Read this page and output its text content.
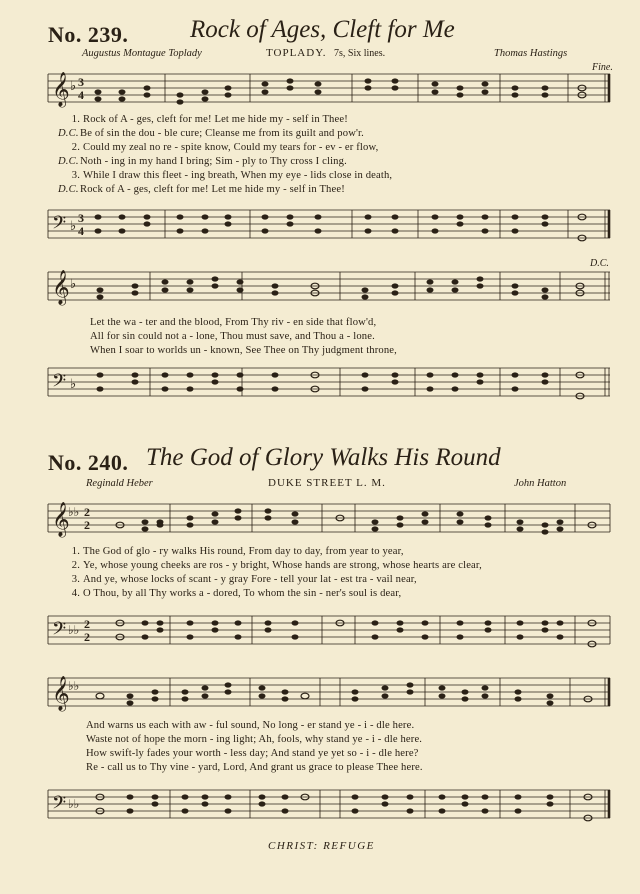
No. 239. Rock of Ages, Cleft for Me
Augustus Montague Toplady	TOPLADY. 7s, Six lines.	Thomas Hastings
Fine.
𝄞 ♭ 3
4
1. Rock of A - ges, cleft for me! Let me hide my - self in Thee!
D.C.Be of sin the dou - ble cure; Cleanse me from its guilt and pow'r.
2. Could my zeal no re - spite know, Could my tears for - ev - er flow,
D.C.Noth - ing in my hand I bring; Sim - ply to Thy cross I cling.
3. While I draw this fleet - ing breath, When my eye - lids close in death,
D.C.Rock of A - ges, cleft for me! Let me hide my - self in Thee!
𝄢 ♭ 3
4
D.C.
𝄞 ♭
Let the wa - ter and the blood, From Thy riv - en side that flow'd,
All for sin could not a - lone, Thou must save, and Thou a - lone.
When I soar to worlds un - known, See Thee on Thy judgment throne,
𝄢 ♭
No. 240. The God of Glory Walks His Round
Reginald Heber	DUKE STREET L. M.	John Hatton
𝄞
♭♭ 2
2
1. The God of glo - ry walks His round, From day to day, from year to year,
2. Ye, whose young cheeks are ros - y bright, Whose hands are strong, whose hearts are clear,
3. And ye, whose locks of scant - y gray Fore - tell your lat - est tra - vail near,
4. O Thou, by all Thy works a - dored, To whom the sin - ner's soul is dear,
𝄢 ♭♭ 2
2
𝄞
♭♭
And warns us each with aw - ful sound, No long - er stand ye - i - dle here.
Waste not of hope the morn - ing light; Ah, fools, why stand ye - i - dle here.
How swift-ly fades your worth - less day; And stand ye yet so - i - dle here?
Re - call us to Thy vine - yard, Lord, And grant us grace to please Thee here.
𝄢 ♭♭
CHRIST: REFUGE
